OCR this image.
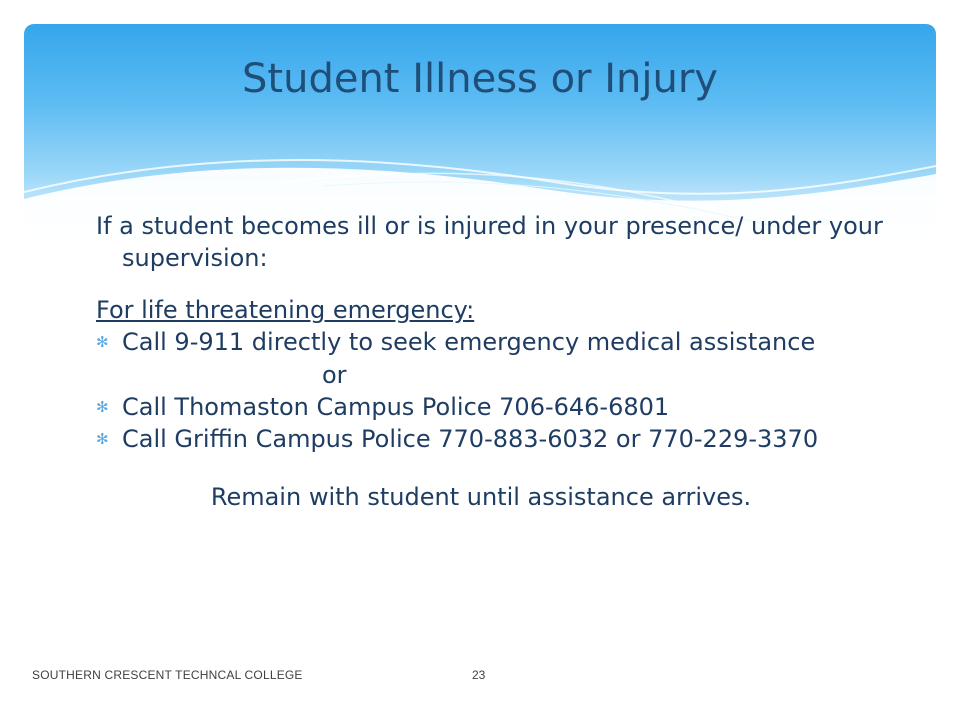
Student Illness or Injury

If a student becomes ill or is injured in your presence/ under your supervision:

For life threatening emergency:

✻ Call 9-911 directly to seek emergency medical assistance

or

✻ Call Thomaston Campus Police 706-646-6801

✻ Call Griffin Campus Police 770-883-6032 or 770-229-3370

Remain with student until assistance arrives.

SOUTHERN CRESCENT TECHNCAL COLLEGE	23
